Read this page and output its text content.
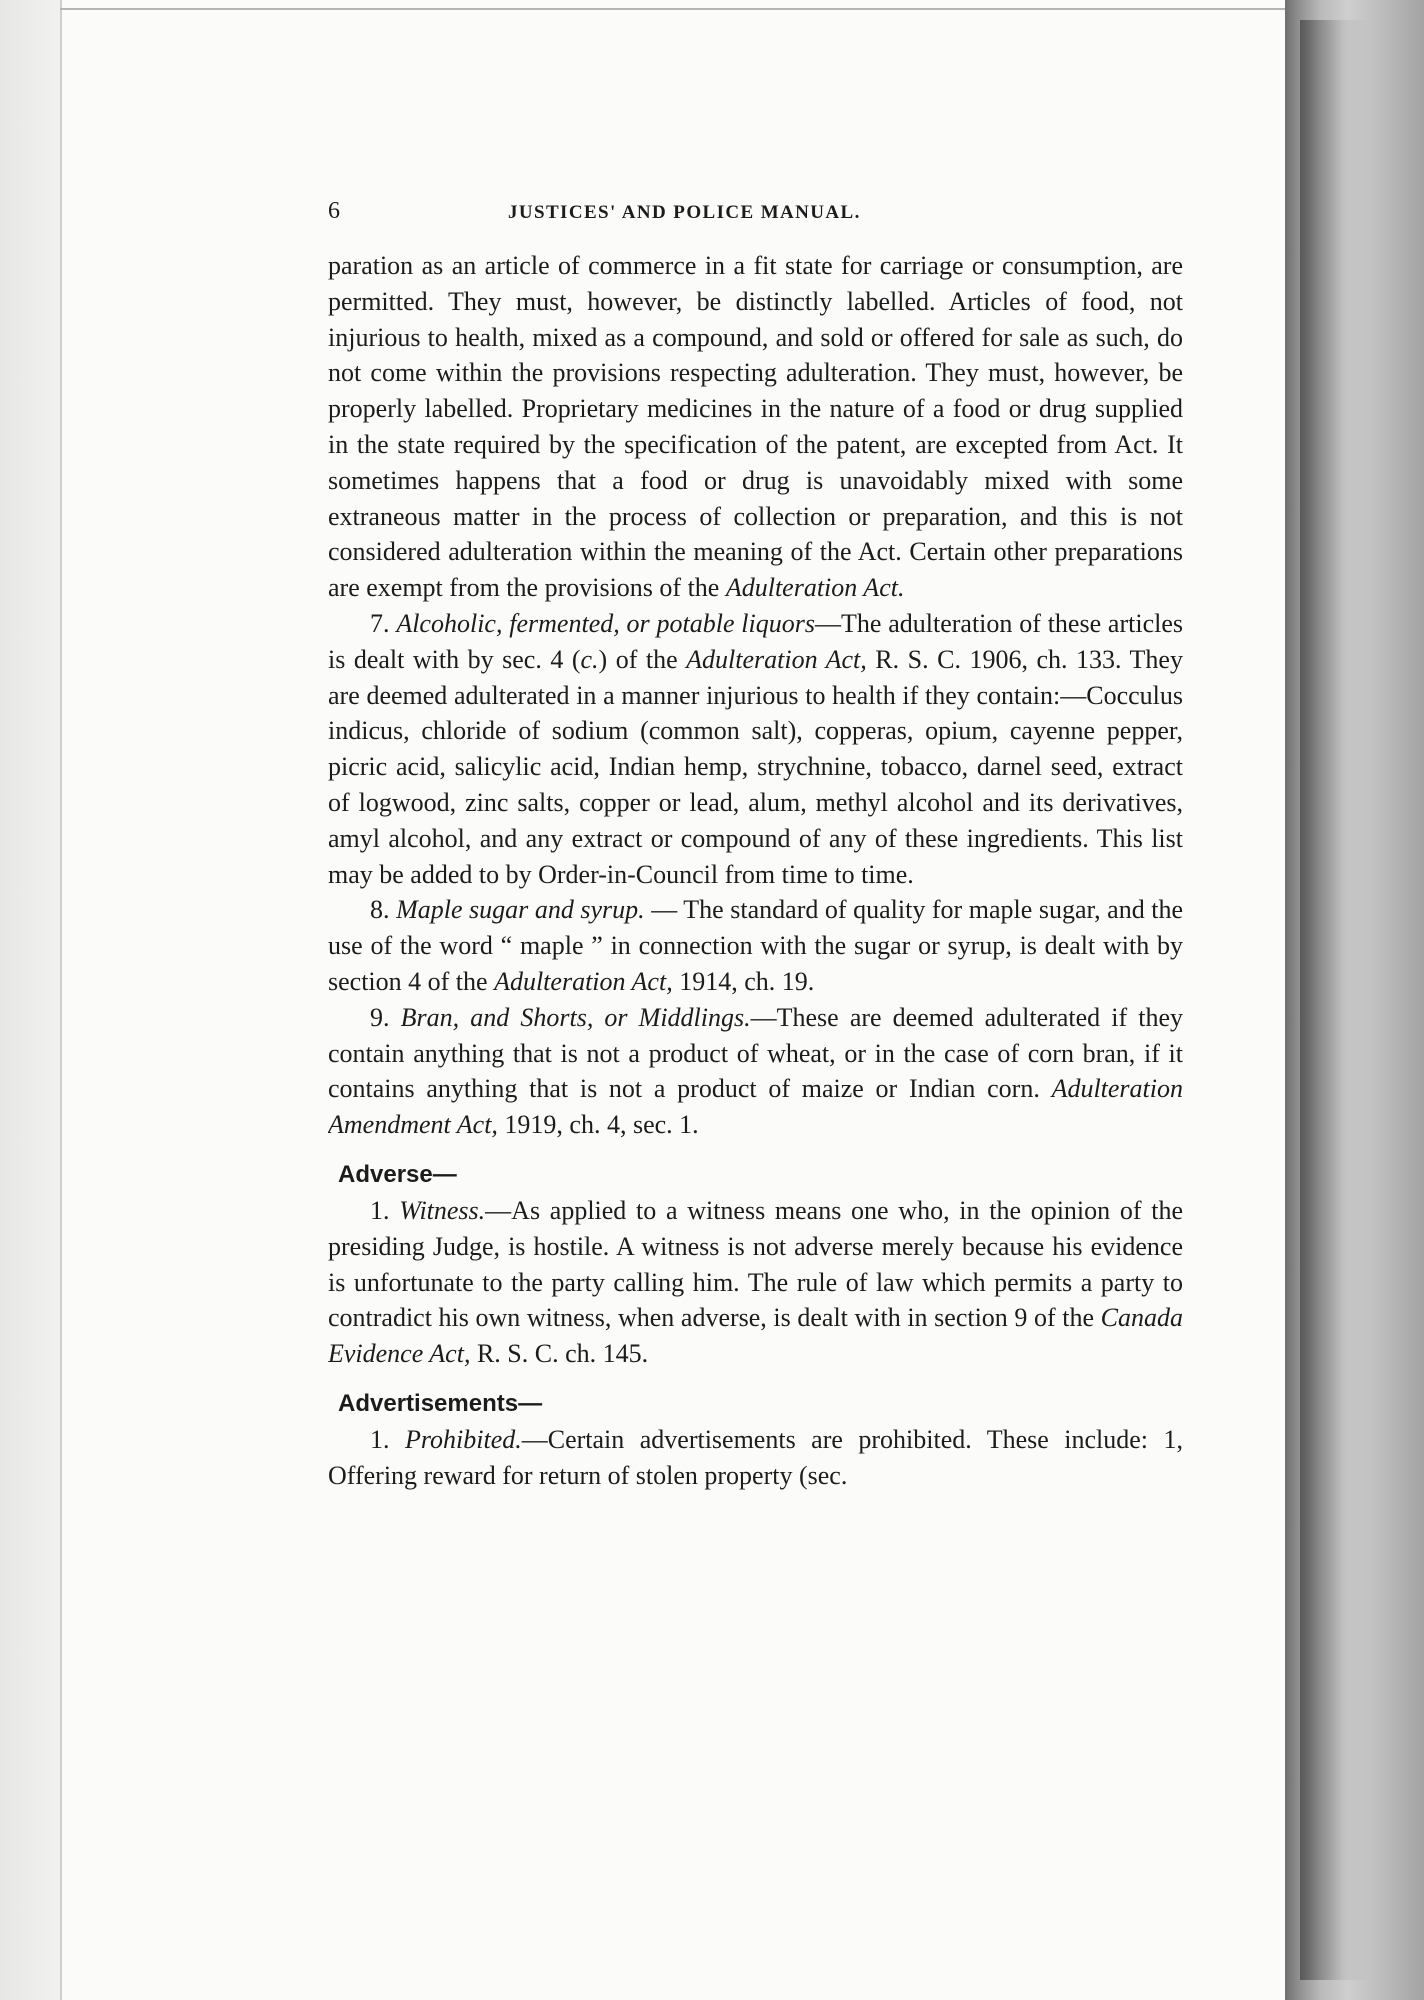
6	JUSTICES' AND POLICE MANUAL.

paration as an article of commerce in a fit state for carriage or consumption, are permitted. They must, however, be distinctly labelled. Articles of food, not injurious to health, mixed as a compound, and sold or offered for sale as such, do not come within the provisions respecting adulteration. They must, however, be properly labelled. Proprietary medicines in the nature of a food or drug supplied in the state required by the specification of the patent, are excepted from Act. It sometimes happens that a food or drug is unavoidably mixed with some extraneous matter in the process of collection or preparation, and this is not considered adulteration within the meaning of the Act. Certain other preparations are exempt from the provisions of the Adulteration Act.

7. Alcoholic, fermented, or potable liquors—The adulteration of these articles is dealt with by sec. 4 (c.) of the Adulteration Act, R. S. C. 1906, ch. 133. They are deemed adulterated in a manner injurious to health if they contain:—Cocculus indicus, chloride of sodium (common salt), copperas, opium, cayenne pepper, picric acid, salicylic acid, Indian hemp, strychnine, tobacco, darnel seed, extract of logwood, zinc salts, copper or lead, alum, methyl alcohol and its derivatives, amyl alcohol, and any extract or compound of any of these ingredients. This list may be added to by Order-in-Council from time to time.

8. Maple sugar and syrup. — The standard of quality for maple sugar, and the use of the word “ maple ” in connection with the sugar or syrup, is dealt with by section 4 of the Adulteration Act, 1914, ch. 19.

9. Bran, and Shorts, or Middlings.—These are deemed adulterated if they contain anything that is not a product of wheat, or in the case of corn bran, if it contains anything that is not a product of maize or Indian corn. Adulteration Amendment Act, 1919, ch. 4, sec. 1.

Adverse—

1. Witness.—As applied to a witness means one who, in the opinion of the presiding Judge, is hostile. A witness is not adverse merely because his evidence is unfortunate to the party calling him. The rule of law which permits a party to contradict his own witness, when adverse, is dealt with in section 9 of the Canada Evidence Act, R. S. C. ch. 145.

Advertisements—

1. Prohibited.—Certain advertisements are prohibited. These include: 1, Offering reward for return of stolen property (sec.
